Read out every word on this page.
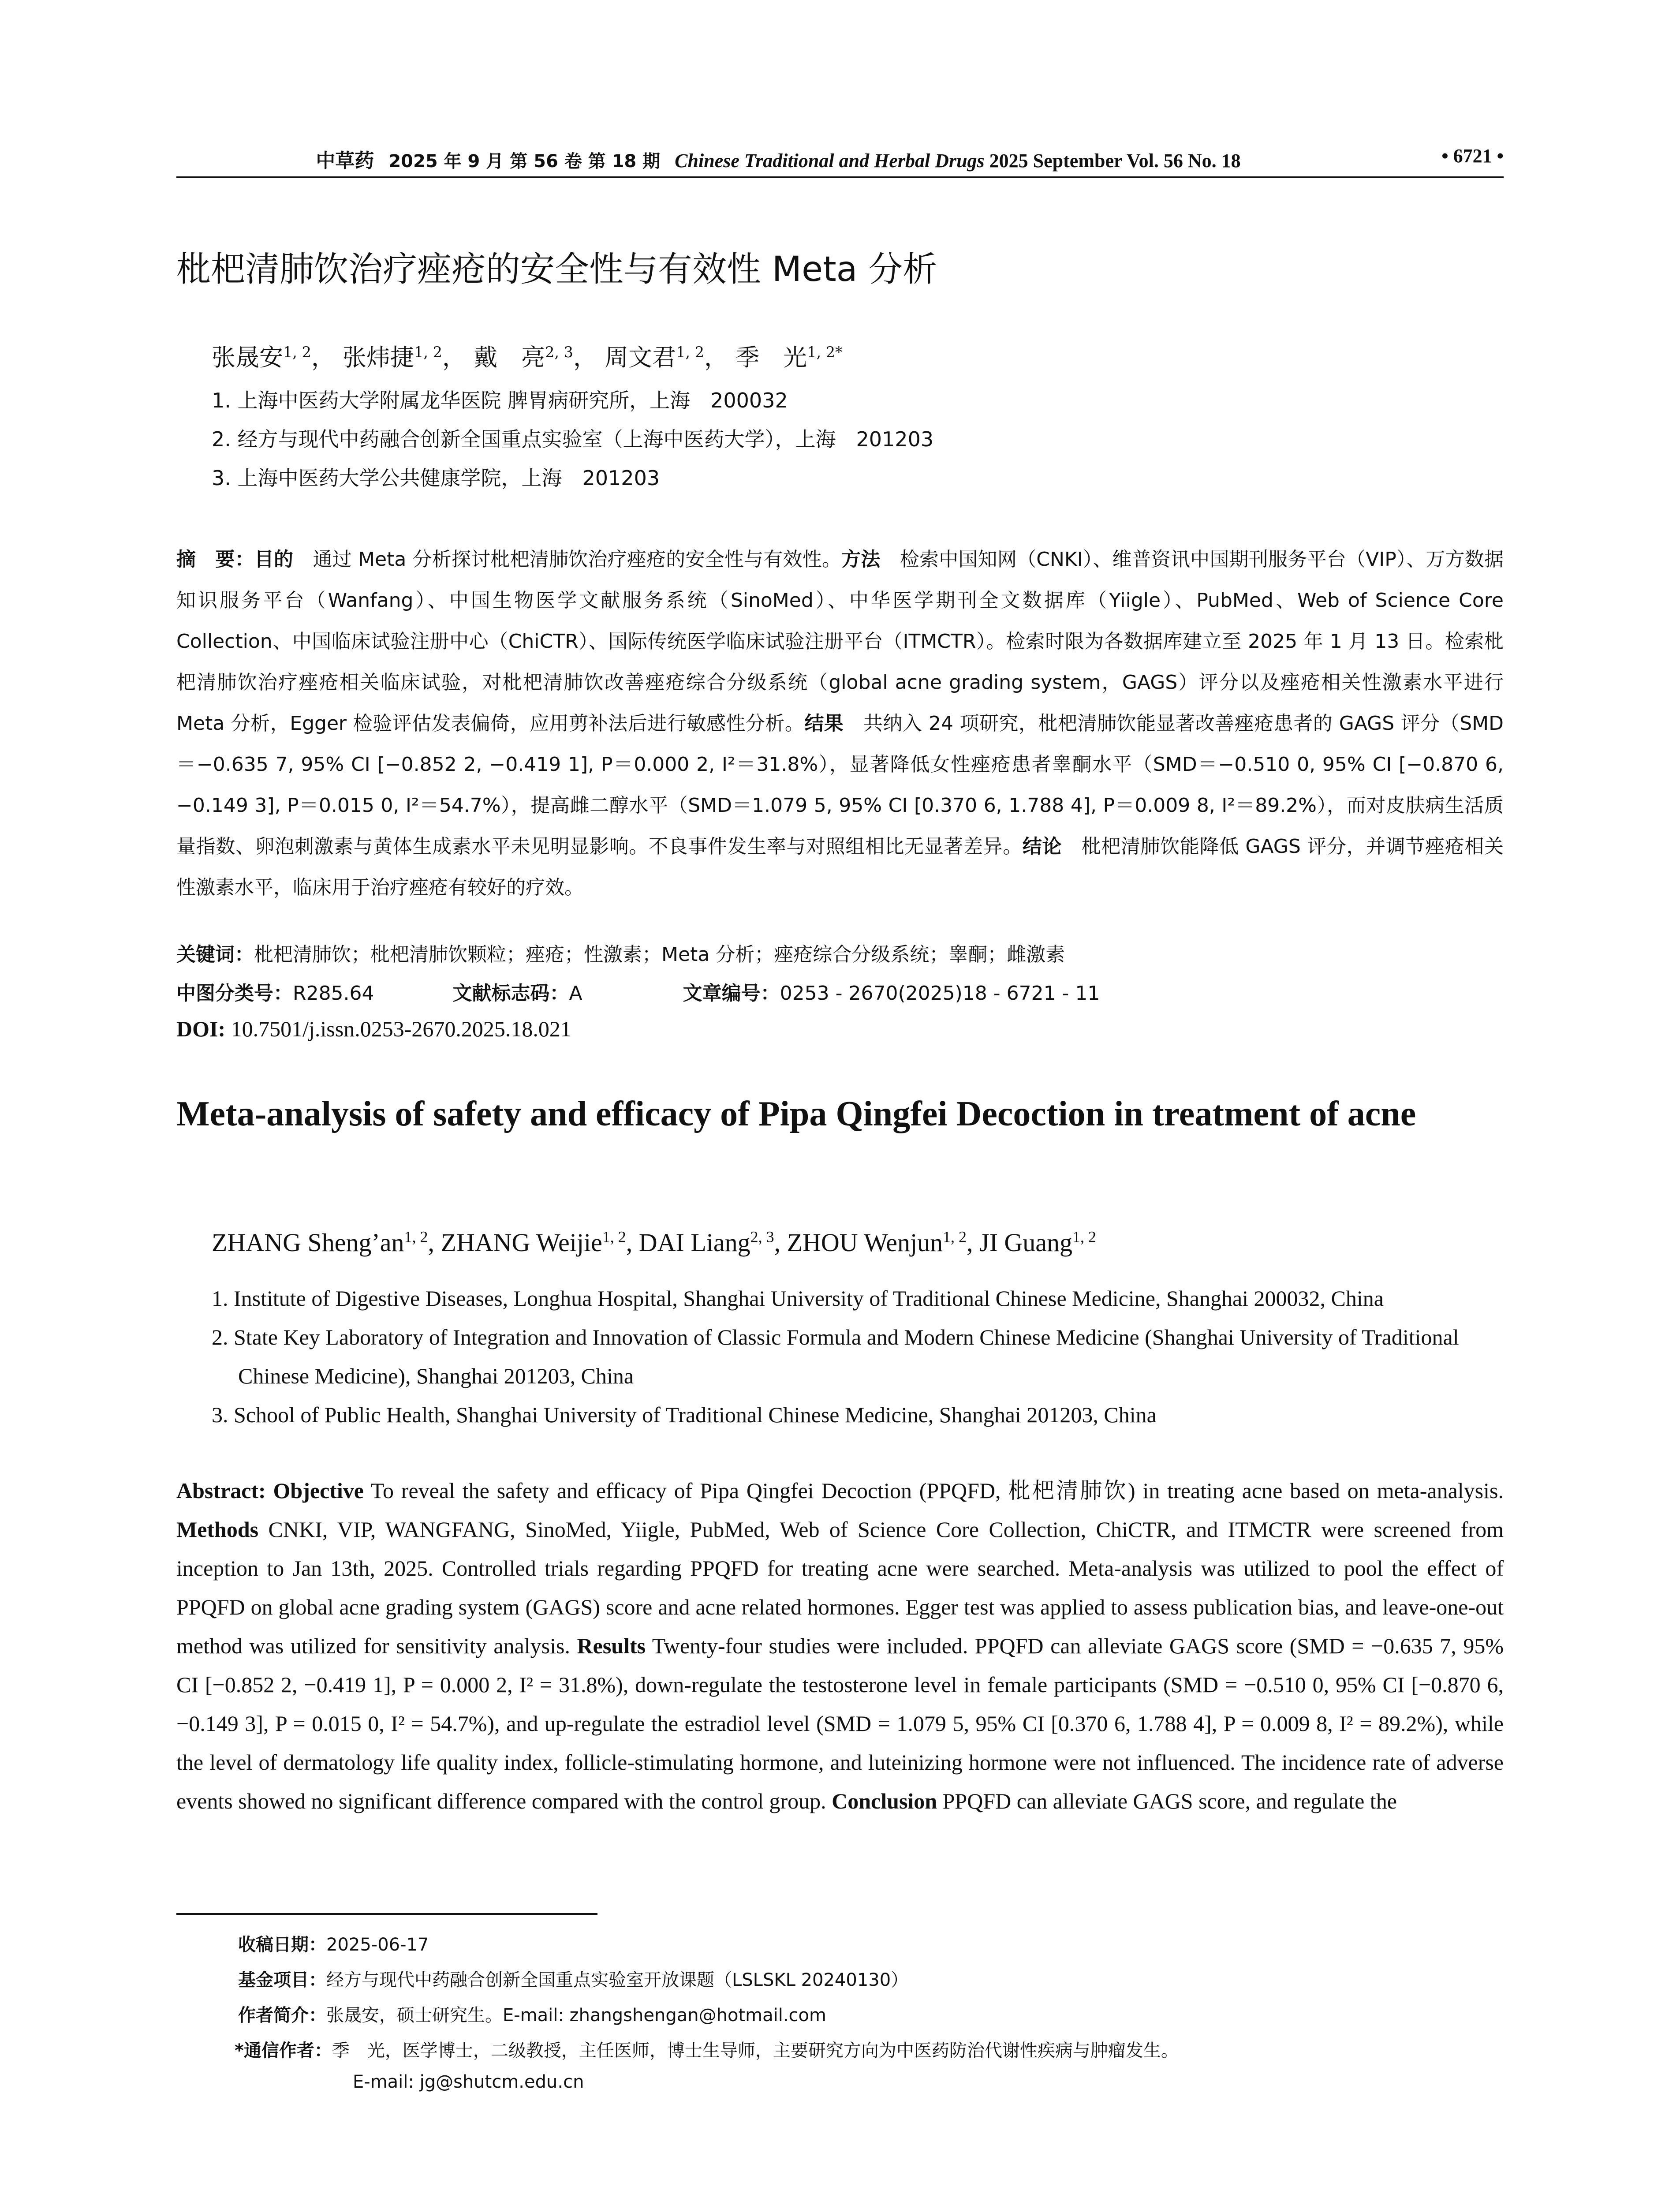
中草药 2025 年 9 月 第 56 卷 第 18 期 Chinese Traditional and Herbal Drugs 2025 September Vol. 56 No. 18	• 6721 •
枇杷清肺饮治疗痤疮的安全性与有效性 Meta 分析
张晟安$^{1, 2}$， 张炜捷$^{1, 2}$， 戴　亮$^{2, 3}$， 周文君$^{1, 2}$， 季　光$^{1, 2*}$
1. 上海中医药大学附属龙华医院 脾胃病研究所，上海　200032
2. 经方与现代中药融合创新全国重点实验室（上海中医药大学），上海　201203
3. 上海中医药大学公共健康学院，上海　201203
摘　要：目的　通过 Meta 分析探讨枇杷清肺饮治疗痤疮的安全性与有效性。方法　检索中国知网（CNKI）、维普资讯中国期刊服务平台（VIP）、万方数据知识服务平台（Wanfang）、中国生物医学文献服务系统（SinoMed）、中华医学期刊全文数据库（Yiigle）、PubMed、Web of Science Core Collection、中国临床试验注册中心（ChiCTR）、国际传统医学临床试验注册平台（ITMCTR）。检索时限为各数据库建立至 2025 年 1 月 13 日。检索枇杷清肺饮治疗痤疮相关临床试验，对枇杷清肺饮改善痤疮综合分级系统（global acne grading system，GAGS）评分以及痤疮相关性激素水平进行 Meta 分析，Egger 检验评估发表偏倚，应用剪补法后进行敏感性分析。结果　共纳入 24 项研究，枇杷清肺饮能显著改善痤疮患者的 GAGS 评分（SMD＝−0.635 7, 95% CI [−0.852 2, −0.419 1], P＝0.000 2, I²＝31.8%），显著降低女性痤疮患者睾酮水平（SMD＝−0.510 0, 95% CI [−0.870 6, −0.149 3], P＝0.015 0, I²＝54.7%），提高雌二醇水平（SMD＝1.079 5, 95% CI [0.370 6, 1.788 4], P＝0.009 8, I²＝89.2%），而对皮肤病生活质量指数、卵泡刺激素与黄体生成素水平未见明显影响。不良事件发生率与对照组相比无显著差异。结论　枇杷清肺饮能降低 GAGS 评分，并调节痤疮相关性激素水平，临床用于治疗痤疮有较好的疗效。
关键词：枇杷清肺饮；枇杷清肺饮颗粒；痤疮；性激素；Meta 分析；痤疮综合分级系统；睾酮；雌激素
中图分类号：R285.64	文献标志码：A	文章编号：0253 - 2670(2025)18 - 6721 - 11
DOI: 10.7501/j.issn.0253-2670.2025.18.021
Meta-analysis of safety and efficacy of Pipa Qingfei Decoction in treatment of acne
ZHANG Sheng’an$^{1, 2}$, ZHANG Weijie$^{1, 2}$, DAI Liang$^{2, 3}$, ZHOU Wenjun$^{1, 2}$, JI Guang$^{1, 2}$
1. Institute of Digestive Diseases, Longhua Hospital, Shanghai University of Traditional Chinese Medicine, Shanghai 200032, China
2. State Key Laboratory of Integration and Innovation of Classic Formula and Modern Chinese Medicine (Shanghai University of Traditional Chinese Medicine), Shanghai 201203, China
3. School of Public Health, Shanghai University of Traditional Chinese Medicine, Shanghai 201203, China
Abstract: Objective To reveal the safety and efficacy of Pipa Qingfei Decoction (PPQFD, 枇杷清肺饮) in treating acne based on meta-analysis. Methods CNKI, VIP, WANGFANG, SinoMed, Yiigle, PubMed, Web of Science Core Collection, ChiCTR, and ITMCTR were screened from inception to Jan 13th, 2025. Controlled trials regarding PPQFD for treating acne were searched. Meta-analysis was utilized to pool the effect of PPQFD on global acne grading system (GAGS) score and acne related hormones. Egger test was applied to assess publication bias, and leave-one-out method was utilized for sensitivity analysis. Results Twenty-four studies were included. PPQFD can alleviate GAGS score (SMD = −0.635 7, 95% CI [−0.852 2, −0.419 1], P = 0.000 2, I² = 31.8%), down-regulate the testosterone level in female participants (SMD = −0.510 0, 95% CI [−0.870 6, −0.149 3], P = 0.015 0, I² = 54.7%), and up-regulate the estradiol level (SMD = 1.079 5, 95% CI [0.370 6, 1.788 4], P = 0.009 8, I² = 89.2%), while the level of dermatology life quality index, follicle-stimulating hormone, and luteinizing hormone were not influenced. The incidence rate of adverse events showed no significant difference compared with the control group. Conclusion PPQFD can alleviate GAGS score, and regulate the
收稿日期：2025-06-17
基金项目：经方与现代中药融合创新全国重点实验室开放课题（LSLSKL 20240130）
作者简介：张晟安，硕士研究生。E-mail: zhangshengan@hotmail.com
*通信作者：季　光，医学博士，二级教授，主任医师，博士生导师，主要研究方向为中医药防治代谢性疾病与肿瘤发生。
E-mail: jg@shutcm.edu.cn
